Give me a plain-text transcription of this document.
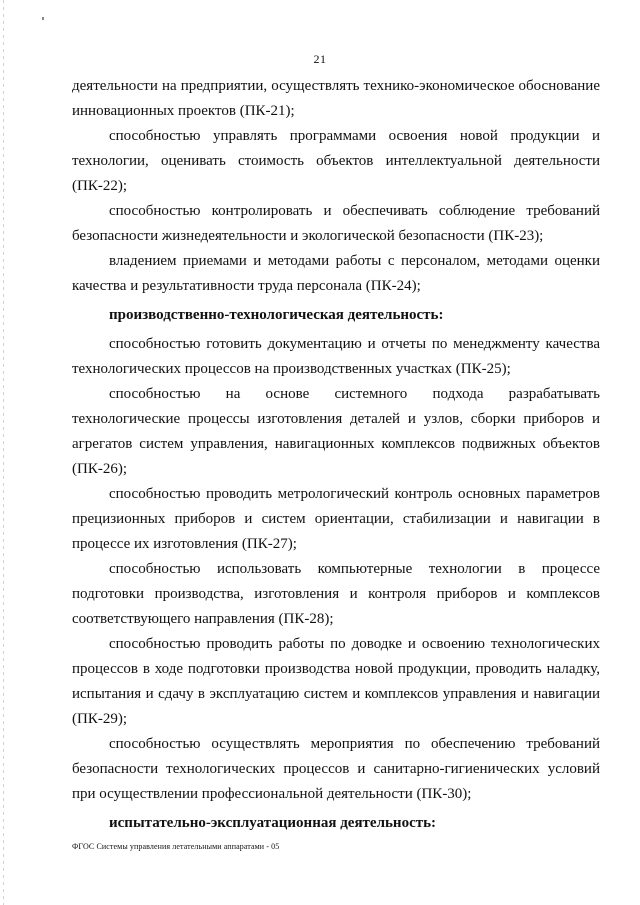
21

деятельности на предприятии, осуществлять технико-экономическое обоснование инновационных проектов (ПК-21);

способностью управлять программами освоения новой продукции и технологии, оценивать стоимость объектов интеллектуальной деятельности (ПК-22);

способностью контролировать и обеспечивать соблюдение требований безопасности жизнедеятельности и экологической безопасности (ПК-23);

владением приемами и методами работы с персоналом, методами оценки качества и результативности труда персонала (ПК-24);

производственно-технологическая деятельность:

способностью готовить документацию и отчеты по менеджменту качества технологических процессов на производственных участках (ПК-25);

способностью на основе системного подхода разрабатывать технологические процессы изготовления деталей и узлов, сборки приборов и агрегатов систем управления, навигационных комплексов подвижных объектов (ПК-26);

способностью проводить метрологический контроль основных параметров прецизионных приборов и систем ориентации, стабилизации и навигации в процессе их изготовления (ПК-27);

способностью использовать компьютерные технологии в процессе подготовки производства, изготовления и контроля приборов и комплексов соответствующего направления (ПК-28);

способностью проводить работы по доводке и освоению технологических процессов в ходе подготовки производства новой продукции, проводить наладку, испытания и сдачу в эксплуатацию систем и комплексов управления и навигации (ПК-29);

способностью осуществлять мероприятия по обеспечению требований безопасности технологических процессов и санитарно-гигиенических условий при осуществлении профессиональной деятельности (ПК-30);

испытательно-эксплуатационная деятельность:

ФГОС Системы управления летательными аппаратами - 05
